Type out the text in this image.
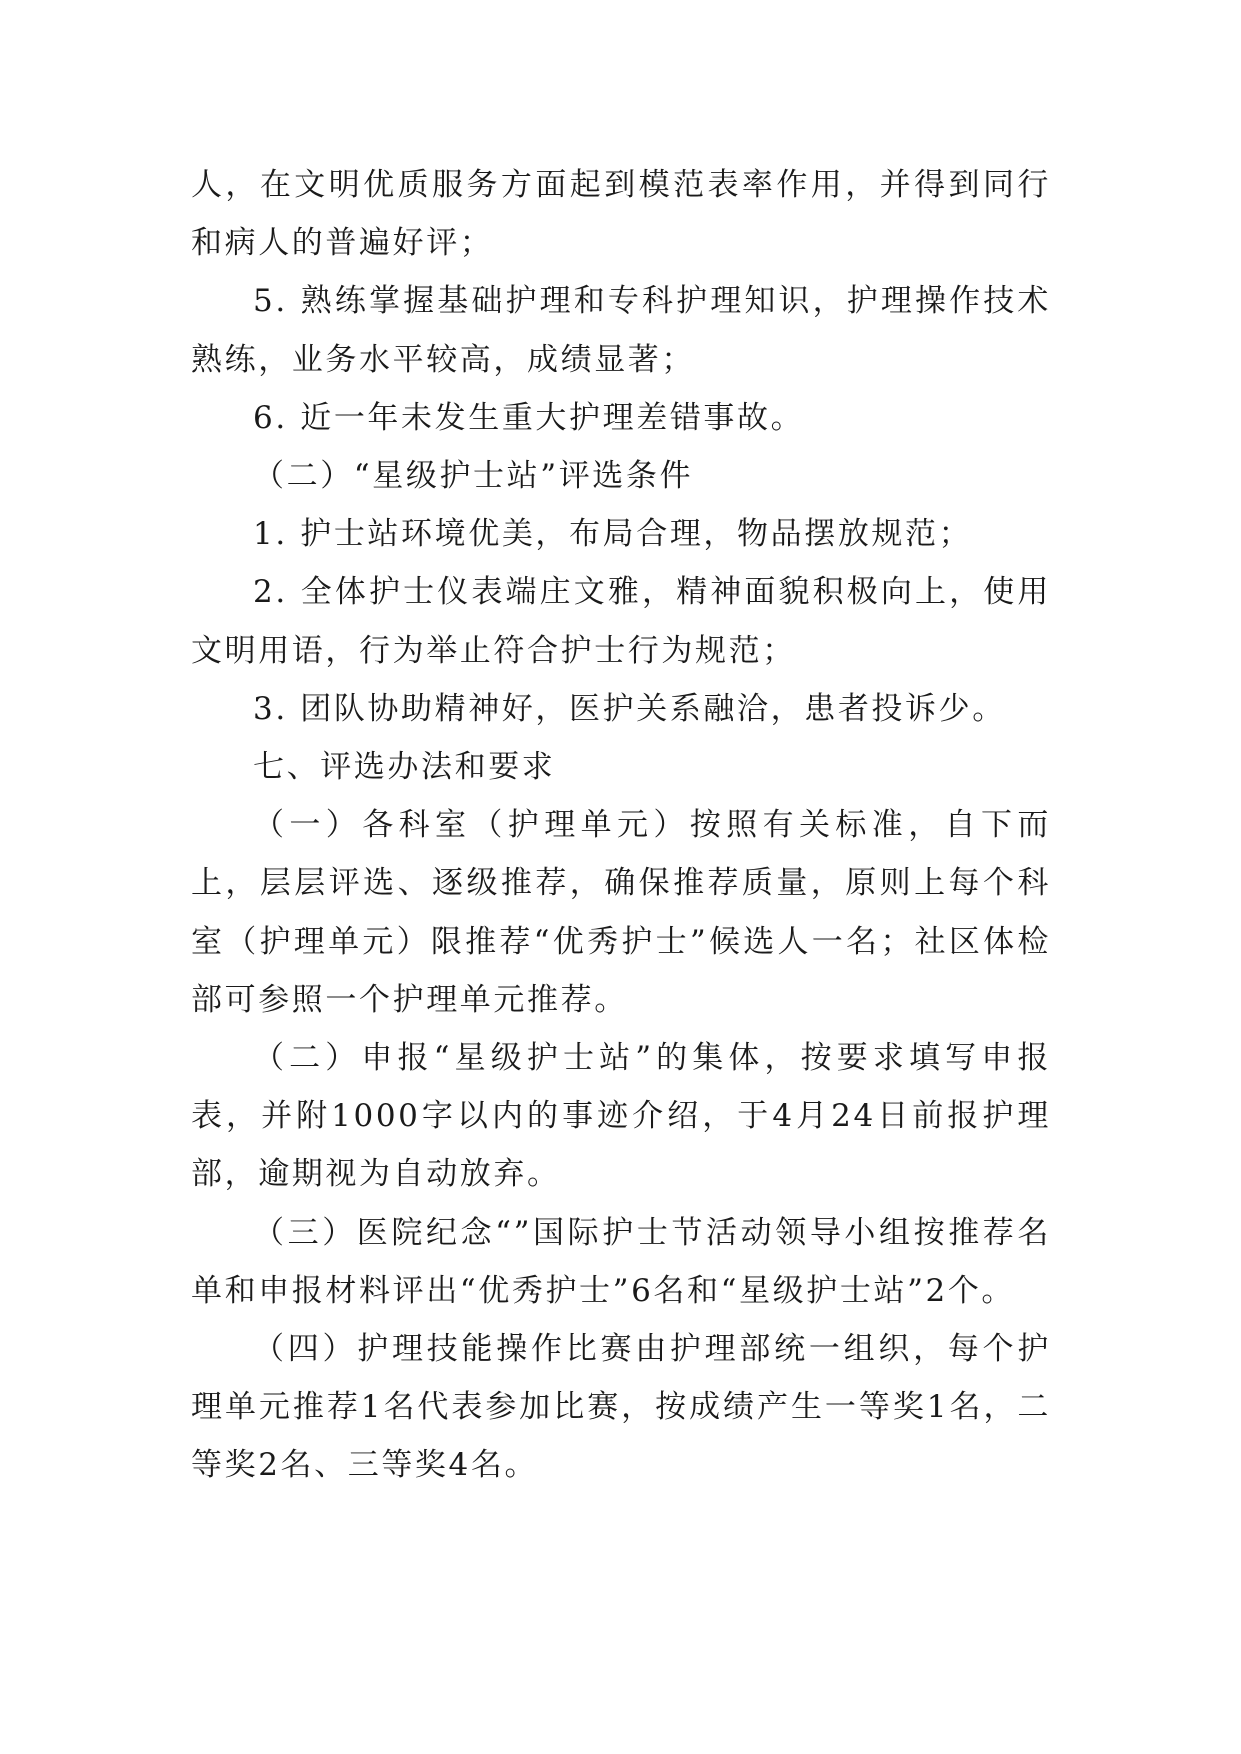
人，在文明优质服务方面起到模范表率作用，并得到同行和病人的普遍好评；

5. 熟练掌握基础护理和专科护理知识，护理操作技术熟练，业务水平较高，成绩显著；

6. 近一年未发生重大护理差错事故。

（二）“星级护士站”评选条件

1. 护士站环境优美，布局合理，物品摆放规范；

2. 全体护士仪表端庄文雅，精神面貌积极向上，使用文明用语，行为举止符合护士行为规范；

3. 团队协助精神好，医护关系融洽，患者投诉少。

七、评选办法和要求

（一）各科室（护理单元）按照有关标准，自下而上，层层评选、逐级推荐，确保推荐质量，原则上每个科室（护理单元）限推荐“优秀护士”候选人一名；社区体检部可参照一个护理单元推荐。

（二）申报“星级护士站”的集体，按要求填写申报表，并附1000字以内的事迹介绍，于4月24日前报护理部，逾期视为自动放弃。

（三）医院纪念“”国际护士节活动领导小组按推荐名单和申报材料评出“优秀护士”6名和“星级护士站”2个。

（四）护理技能操作比赛由护理部统一组织，每个护理单元推荐1名代表参加比赛，按成绩产生一等奖1名，二等奖2名、三等奖4名。
